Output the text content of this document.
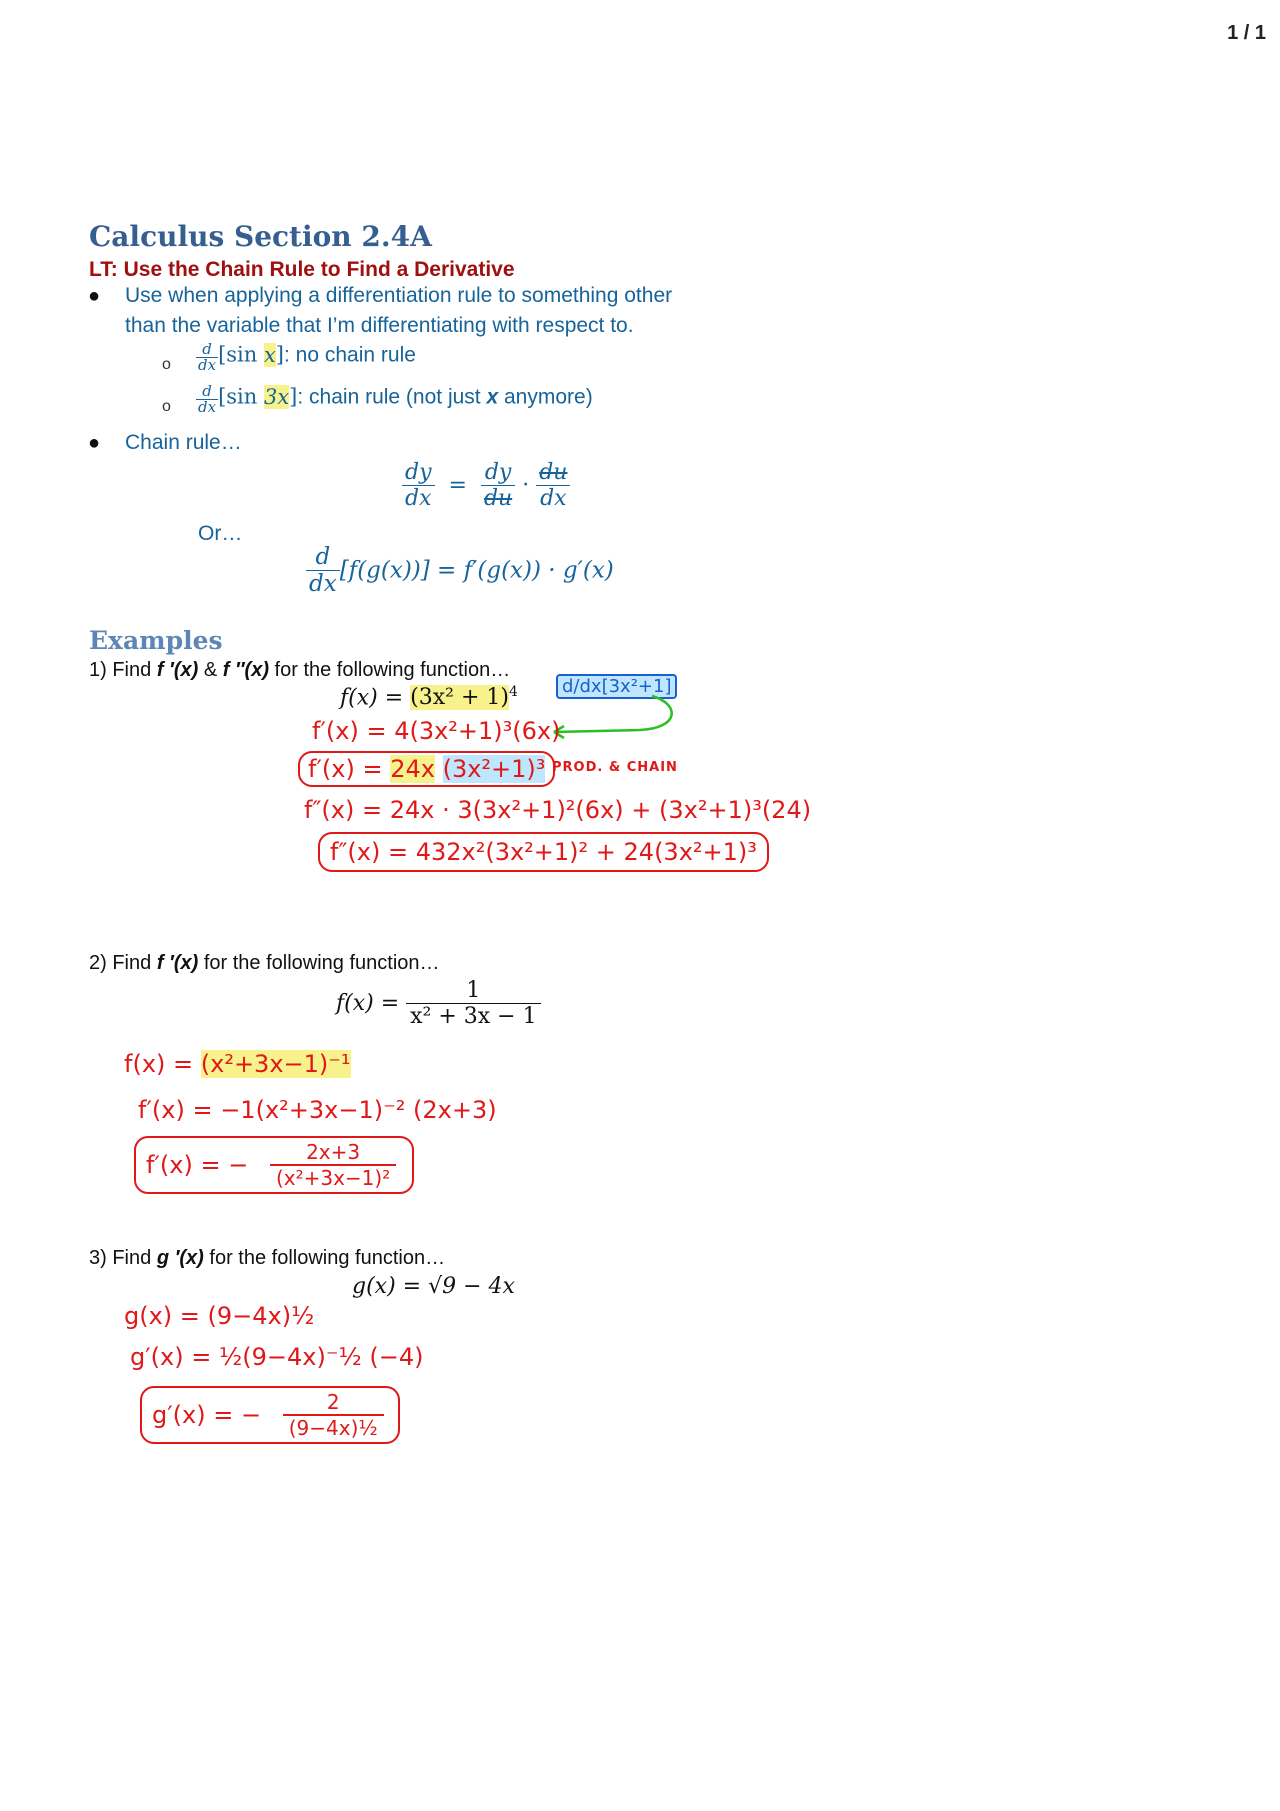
1 / 1
Calculus Section 2.4A
LT: Use the Chain Rule to Find a Derivative
● Use when applying a differentiation rule to something other
than the variable that I’m differentiating with respect to.
o $\frac{d}{dx} [\sin$ x]: no chain rule
o $\frac{d}{dx} [\sin$ 3x]: chain rule (not just x anymore)
● Chain rule…
$\frac{dy}{dx} = \frac{dy}{du} \cdot \frac{du}{dx}$
Or…
$\frac{d}{dx} [f(g(x))] = f'(g(x)) \cdot g'(x)$
Examples
1) Find f ′(x) & f ′′(x) for the following function…
$f(x) = (3x^2 + 1)^4$	d/dx[3x²+1]
f′(x) = 4(3x²+1)³(6x)
f′(x) = 24x (3x²+1)³ PROD. & CHAIN
f″(x) = 24x · 3(3x²+1)²(6x) + (3x²+1)³(24)
f″(x) = 432x²(3x²+1)² + 24(3x²+1)³
2) Find f ′(x) for the following function…
$f(x) = \frac{1}{\text{x² + 3x − 1}}$
f(x) = (x²+3x−1)⁻¹
f′(x) = −1(x²+3x−1)⁻² (2x+3)
f′(x) = − $\frac{2x+3}{\text{(x²+3x−1)²}}$
3) Find g ′(x) for the following function…
g(x) = √9 − 4x
g(x) = (9−4x)½
g′(x) = ½(9−4x)⁻½ (−4)
g′(x) = − $\frac{2}{\text{(9−4x)½}}$
